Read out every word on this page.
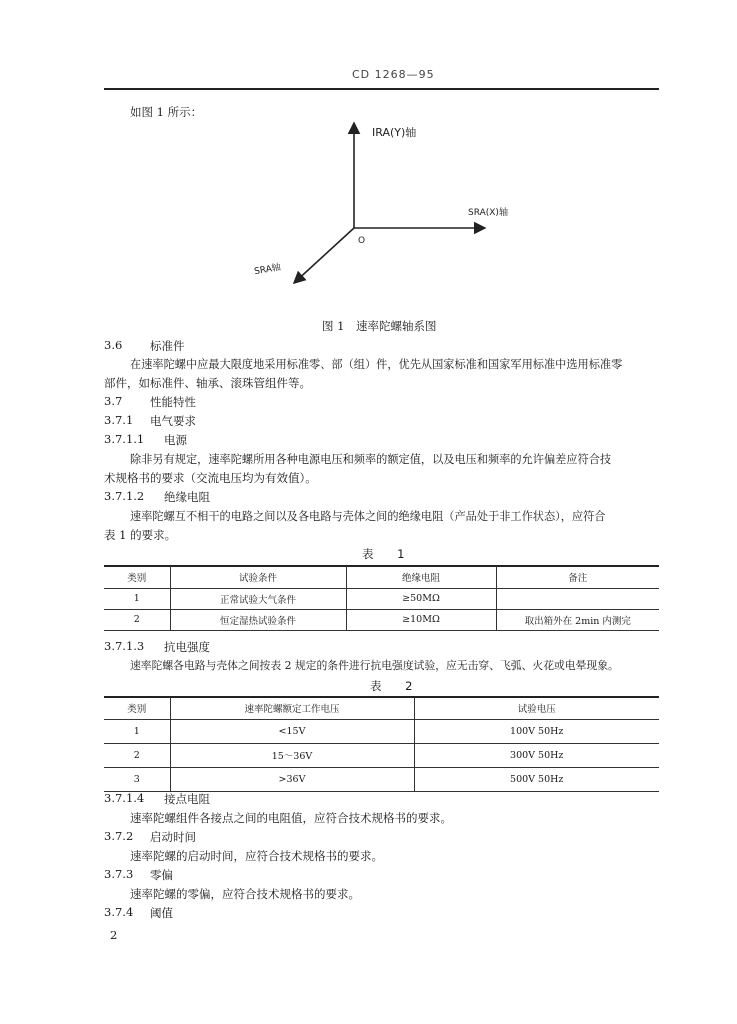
CD 1268—95
如图 1 所示：
IRA(Y)轴
SRA(X)轴
SRA轴
O
图 1　速率陀螺轴系图
3.6 标准件
在速率陀螺中应最大限度地采用标准零、部（组）件，优先从国家标准和国家军用标准中选用标准零
部件，如标准件、轴承、滚珠管组件等。
3.7 性能特性
3.7.1 电气要求
3.7.1.1 电源
除非另有规定，速率陀螺所用各种电源电压和频率的额定值，以及电压和频率的允许偏差应符合技
术规格书的要求（交流电压均为有效值）。
3.7.1.2 绝缘电阻
速率陀螺互不相干的电路之间以及各电路与壳体之间的绝缘电阻（产品处于非工作状态），应符合
表 1 的要求。
表 1
类别	试验条件	绝缘电阻	备注
1	正常试验大气条件	≥50MΩ	
2	恒定湿热试验条件	≥10MΩ	取出箱外在 2min 内测完
3.7.1.3 抗电强度
速率陀螺各电路与壳体之间按表 2 规定的条件进行抗电强度试验，应无击穿、飞弧、火花或电晕现象。
表 2
类别	速率陀螺额定工作电压	试验电压
1	<15V	100V 50Hz
2	15～36V	300V 50Hz
3	>36V	500V 50Hz
3.7.1.4 接点电阻
速率陀螺组件各接点之间的电阻值，应符合技术规格书的要求。
3.7.2 启动时间
速率陀螺的启动时间，应符合技术规格书的要求。
3.7.3 零偏
速率陀螺的零偏，应符合技术规格书的要求。
3.7.4 阈值
2
